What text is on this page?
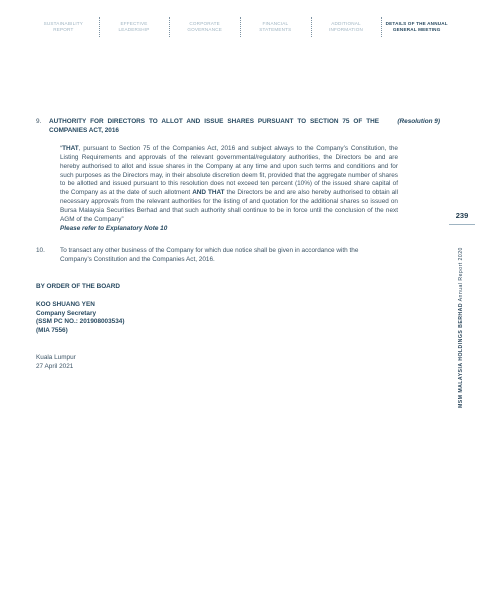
SUSTAINABILITY
REPORT
EFFECTIVE
LEADERSHIP
CORPORATE
GOVERNANCE
FINANCIAL
STATEMENTS
ADDITIONAL
INFORMATION
DETAILS OF THE ANNUAL
GENERAL MEETING
9.	AUTHORITY FOR DIRECTORS TO ALLOT AND ISSUE SHARES PURSUANT TO SECTION 75 OF THE COMPANIES ACT, 2016
(Resolution 9)

“THAT, pursuant to Section 75 of the Companies Act, 2016 and subject always to the Company’s Constitution, the Listing Requirements and approvals of the relevant governmental/regulatory authorities, the Directors be and are hereby authorised to allot and issue shares in the Company at any time and upon such terms and conditions and for such purposes as the Directors may, in their absolute discretion deem fit, provided that the aggregate number of shares to be allotted and issued pursuant to this resolution does not exceed ten percent (10%) of the issued share capital of the Company as at the date of such allotment AND THAT the Directors be and are also hereby authorised to obtain all necessary approvals from the relevant authorities for the listing of and quotation for the additional shares so issued on Bursa Malaysia Securities Berhad and that such authority shall continue to be in force until the conclusion of the next AGM of the Company”
Please refer to Explanatory Note 10

10.	To transact any other business of the Company for which due notice shall be given in accordance with the Company’s Constitution and the Companies Act, 2016.
BY ORDER OF THE BOARD
KOO SHUANG YEN
Company Secretary
(SSM PC NO.: 201908003534)
(MIA 7556)
Kuala Lumpur
27 April 2021
239
MSM MALAYSIA HOLDINGS BERHAD Annual Report 2020
